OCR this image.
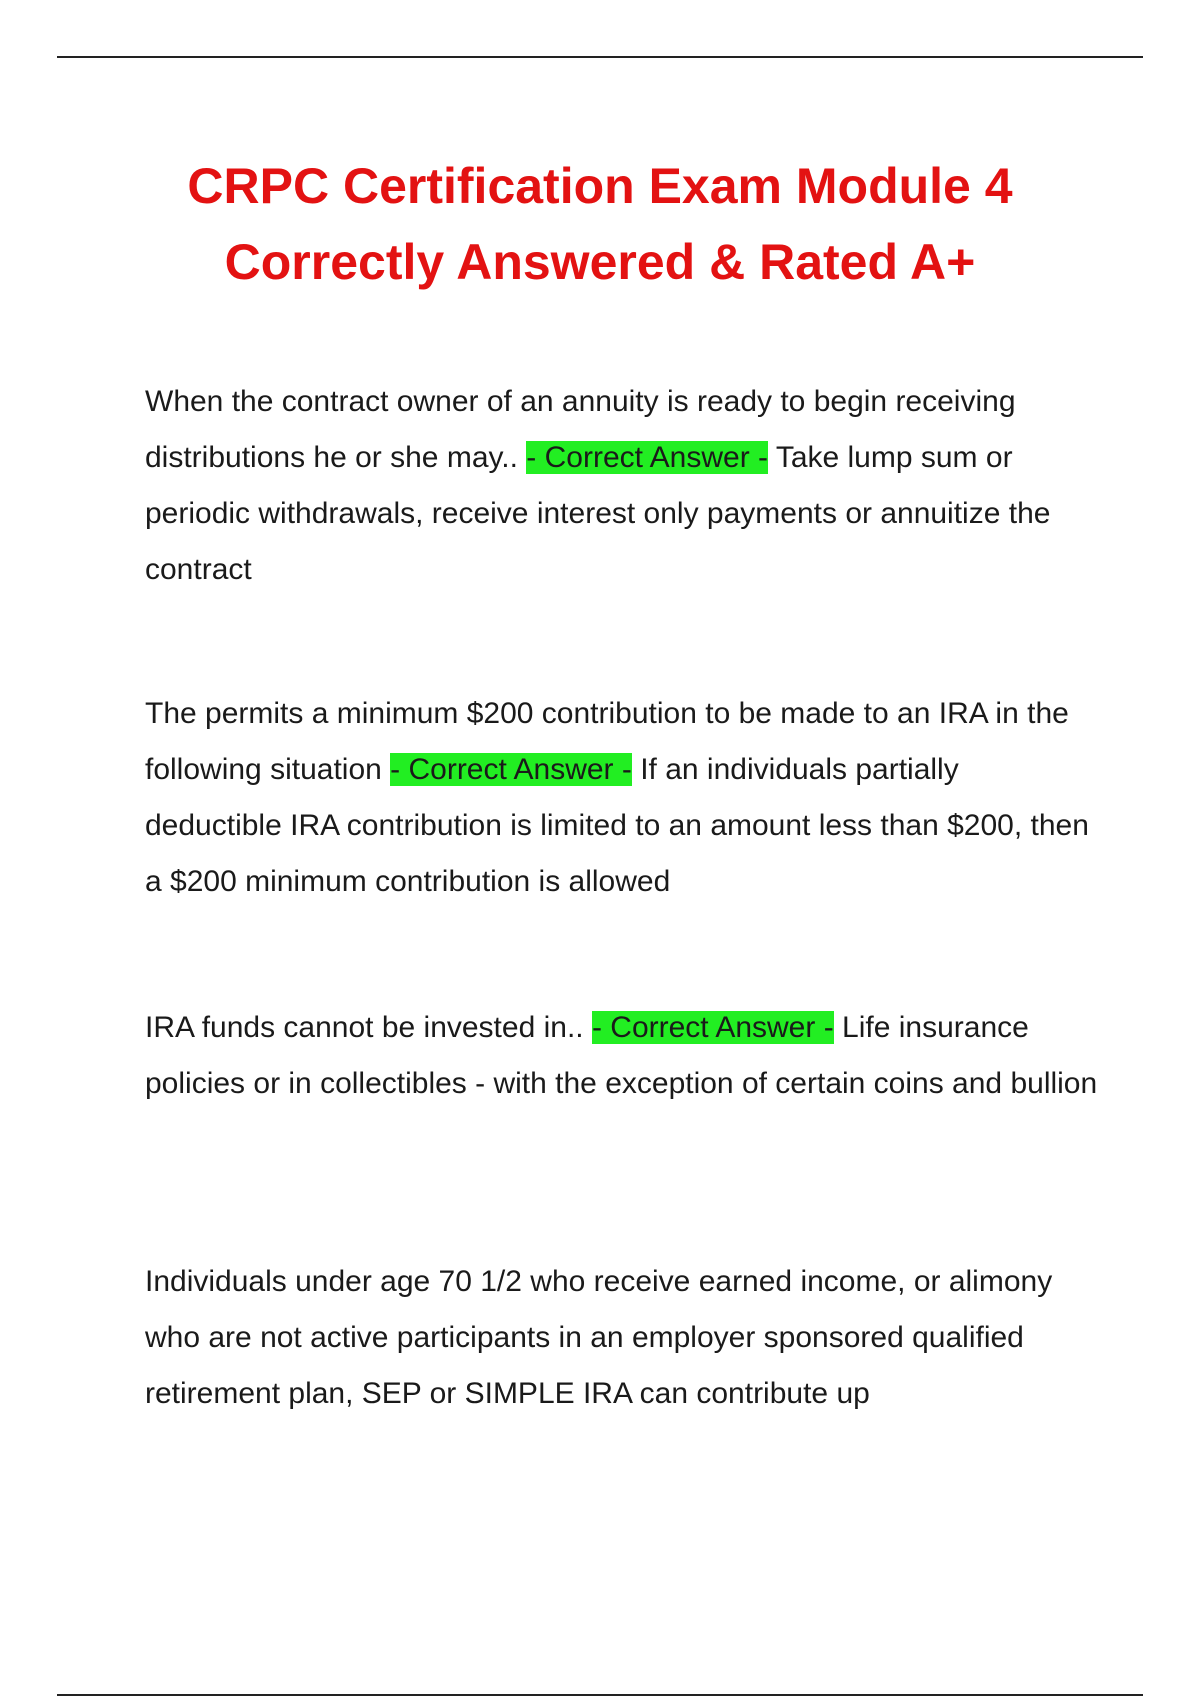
CRPC Certification Exam Module 4
Correctly Answered & Rated A+

When the contract owner of an annuity is ready to begin receiving distributions he or she may.. - Correct Answer - Take lump sum or periodic withdrawals, receive interest only payments or annuitize the contract

The permits a minimum $200 contribution to be made to an IRA in the following situation - Correct Answer - If an individuals partially deductible IRA contribution is limited to an amount less than $200, then a $200 minimum contribution is allowed

IRA funds cannot be invested in.. - Correct Answer - Life insurance policies or in collectibles - with the exception of certain coins and bullion

Individuals under age 70 1/2 who receive earned income, or alimony who are not active participants in an employer sponsored qualified retirement plan, SEP or SIMPLE IRA can contribute up
